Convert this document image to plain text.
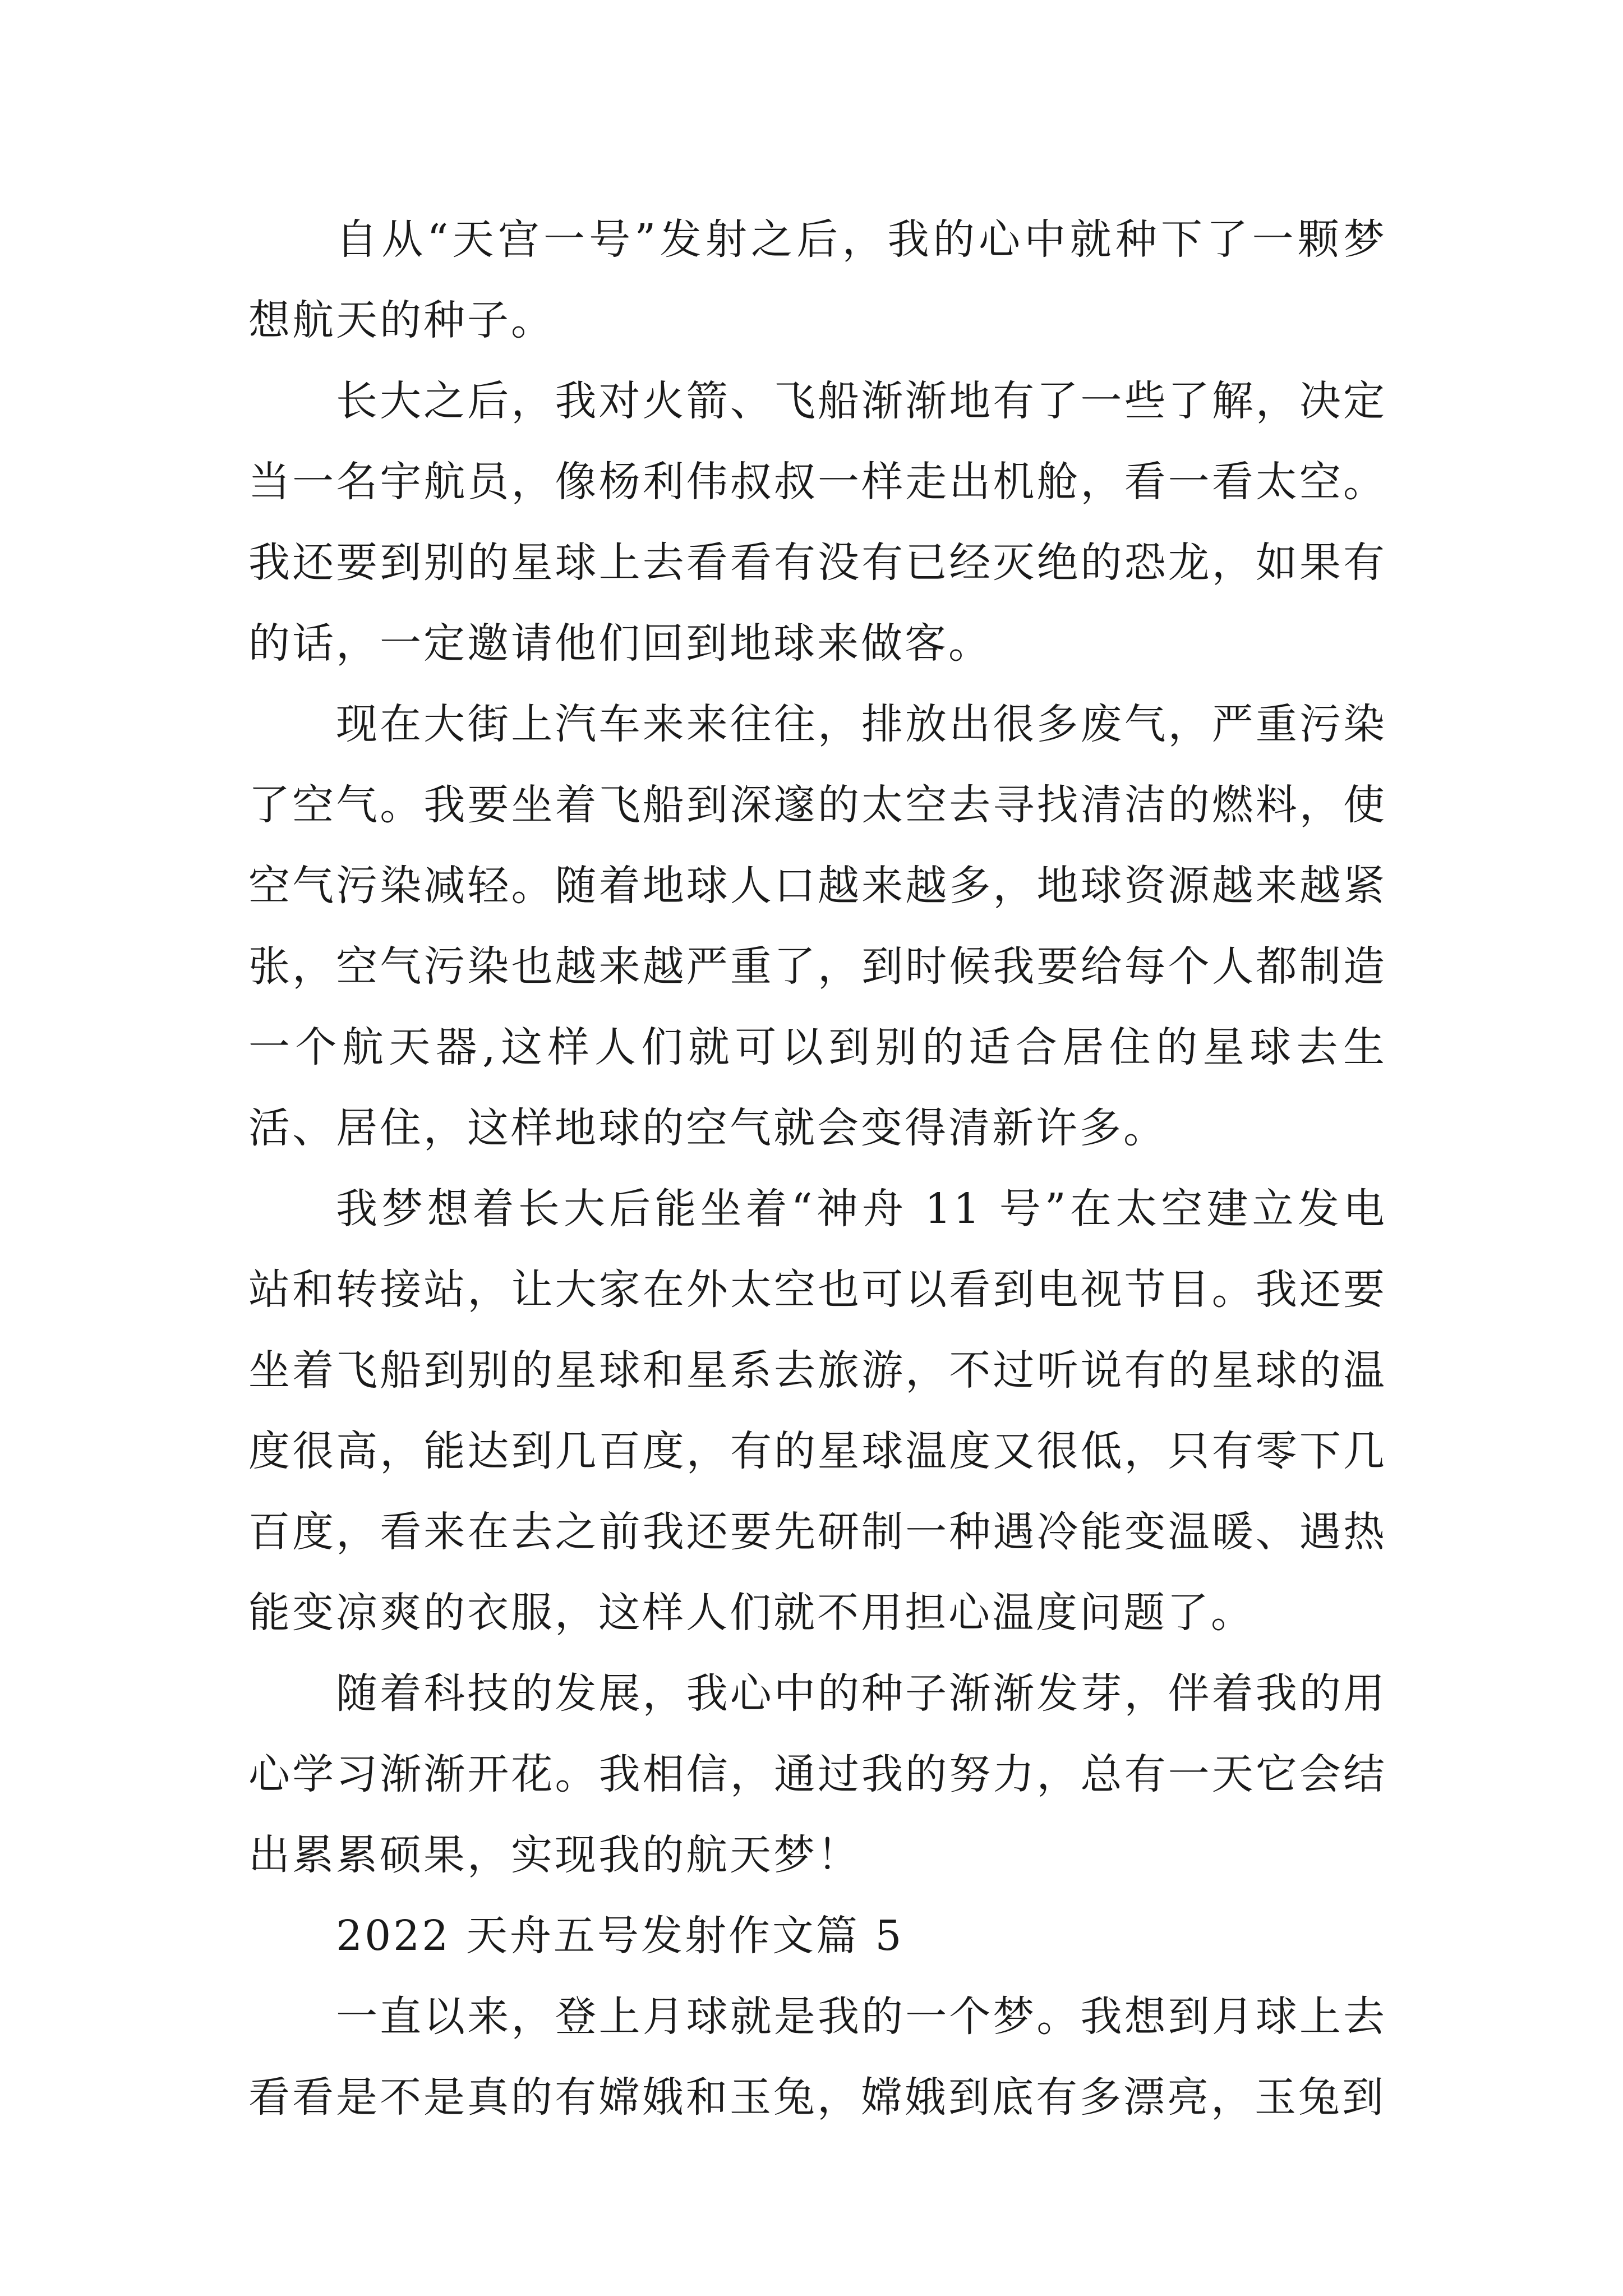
自从“天宫一号”发射之后，我的心中就种下了一颗梦想航天的种子。

长大之后，我对火箭、飞船渐渐地有了一些了解，决定当一名宇航员，像杨利伟叔叔一样走出机舱，看一看太空。我还要到别的星球上去看看有没有已经灭绝的恐龙，如果有的话，一定邀请他们回到地球来做客。

现在大街上汽车来来往往，排放出很多废气，严重污染了空气。我要坐着飞船到深邃的太空去寻找清洁的燃料，使空气污染减轻。随着地球人口越来越多，地球资源越来越紧张，空气污染也越来越严重了，到时候我要给每个人都制造一个航天器,这样人们就可以到别的适合居住的星球去生活、居住，这样地球的空气就会变得清新许多。

我梦想着长大后能坐着“神舟 11 号”在太空建立发电站和转接站，让大家在外太空也可以看到电视节目。我还要坐着飞船到别的星球和星系去旅游，不过听说有的星球的温度很高，能达到几百度，有的星球温度又很低，只有零下几百度，看来在去之前我还要先研制一种遇冷能变温暖、遇热能变凉爽的衣服，这样人们就不用担心温度问题了。

随着科技的发展，我心中的种子渐渐发芽，伴着我的用心学习渐渐开花。我相信，通过我的努力，总有一天它会结出累累硕果，实现我的航天梦！

2022 天舟五号发射作文篇 5

一直以来，登上月球就是我的一个梦。我想到月球上去看看是不是真的有嫦娥和玉兔，嫦娥到底有多漂亮，玉兔到
